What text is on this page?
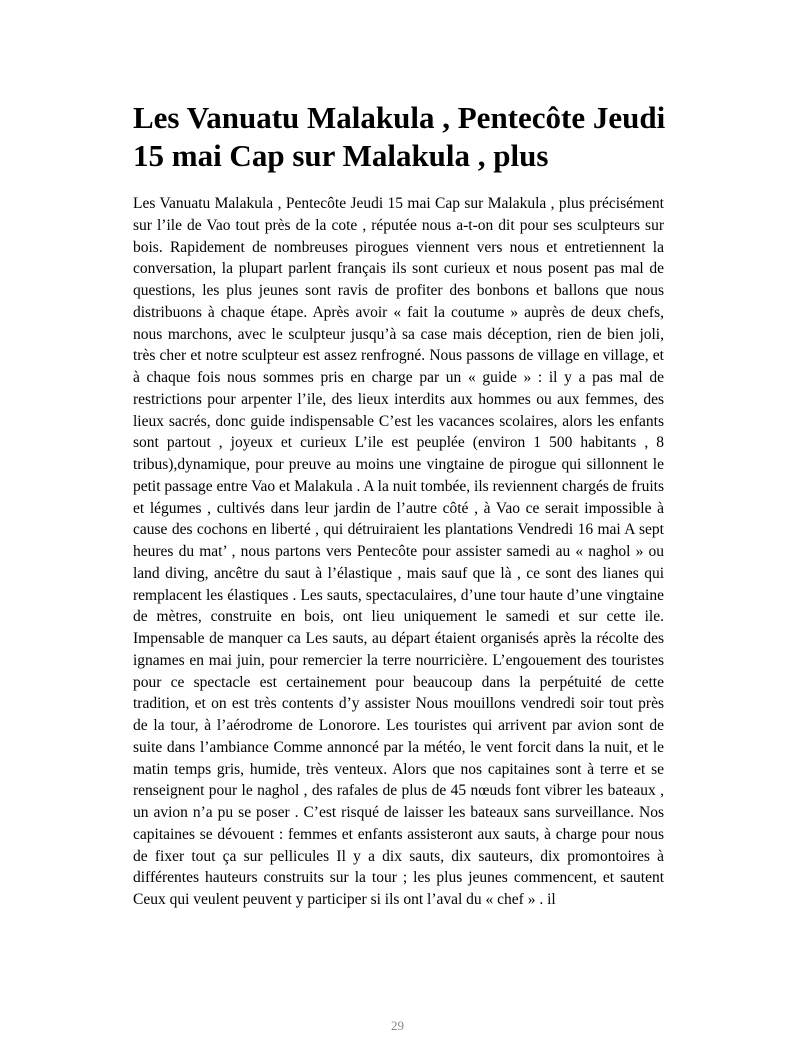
Les Vanuatu Malakula , Pentecôte Jeudi 15 mai Cap sur Malakula , plus

Les Vanuatu Malakula , Pentecôte Jeudi 15 mai Cap sur Malakula , plus précisément sur l’ile de Vao tout près de la cote , réputée nous a-t-on dit pour ses sculpteurs sur bois. Rapidement de nombreuses pirogues viennent vers nous et entretiennent la conversation, la plupart parlent français ils sont curieux et nous posent pas mal de questions, les plus jeunes sont ravis de profiter des bonbons et ballons que nous distribuons à chaque étape. Après avoir « fait la coutume » auprès de deux chefs, nous marchons, avec le sculpteur jusqu’à sa case mais déception, rien de bien joli, très cher et notre sculpteur est assez renfrogné. Nous passons de village en village, et à chaque fois nous sommes pris en charge par un « guide » : il y a pas mal de restrictions pour arpenter l’ile, des lieux interdits aux hommes ou aux femmes, des lieux sacrés, donc guide indispensable C’est les vacances scolaires, alors les enfants sont partout , joyeux et curieux L’ile est peuplée (environ 1 500 habitants , 8 tribus),dynamique, pour preuve au moins une vingtaine de pirogue qui sillonnent le petit passage entre Vao et Malakula . A la nuit tombée, ils reviennent chargés de fruits et légumes , cultivés dans leur jardin de l’autre côté , à Vao ce serait impossible à cause des cochons en liberté , qui détruiraient les plantations Vendredi 16 mai A sept heures du mat’ , nous partons vers Pentecôte pour assister samedi au « naghol » ou land diving, ancêtre du saut à l’élastique , mais sauf que là , ce sont des lianes qui remplacent les élastiques . Les sauts, spectaculaires, d’une tour haute d’une vingtaine de mètres, construite en bois, ont lieu uniquement le samedi et sur cette ile. Impensable de manquer ca Les sauts, au départ étaient organisés après la récolte des ignames en mai juin, pour remercier la terre nourricière. L’engouement des touristes pour ce spectacle est certainement pour beaucoup dans la perpétuité de cette tradition, et on est très contents d’y assister Nous mouillons vendredi soir tout près de la tour, à l’aérodrome de Lonorore. Les touristes qui arrivent par avion sont de suite dans l’ambiance Comme annoncé par la météo, le vent forcit dans la nuit, et le matin temps gris, humide, très venteux. Alors que nos capitaines sont à terre et se renseignent pour le naghol , des rafales de plus de 45 nœuds font vibrer les bateaux , un avion n’a pu se poser . C’est risqué de laisser les bateaux sans surveillance. Nos capitaines se dévouent : femmes et enfants assisteront aux sauts, à charge pour nous de fixer tout ça sur pellicules Il y a dix sauts, dix sauteurs, dix promontoires à différentes hauteurs construits sur la tour ; les plus jeunes commencent, et sautent Ceux qui veulent peuvent y participer si ils ont l’aval du « chef » . il

29
